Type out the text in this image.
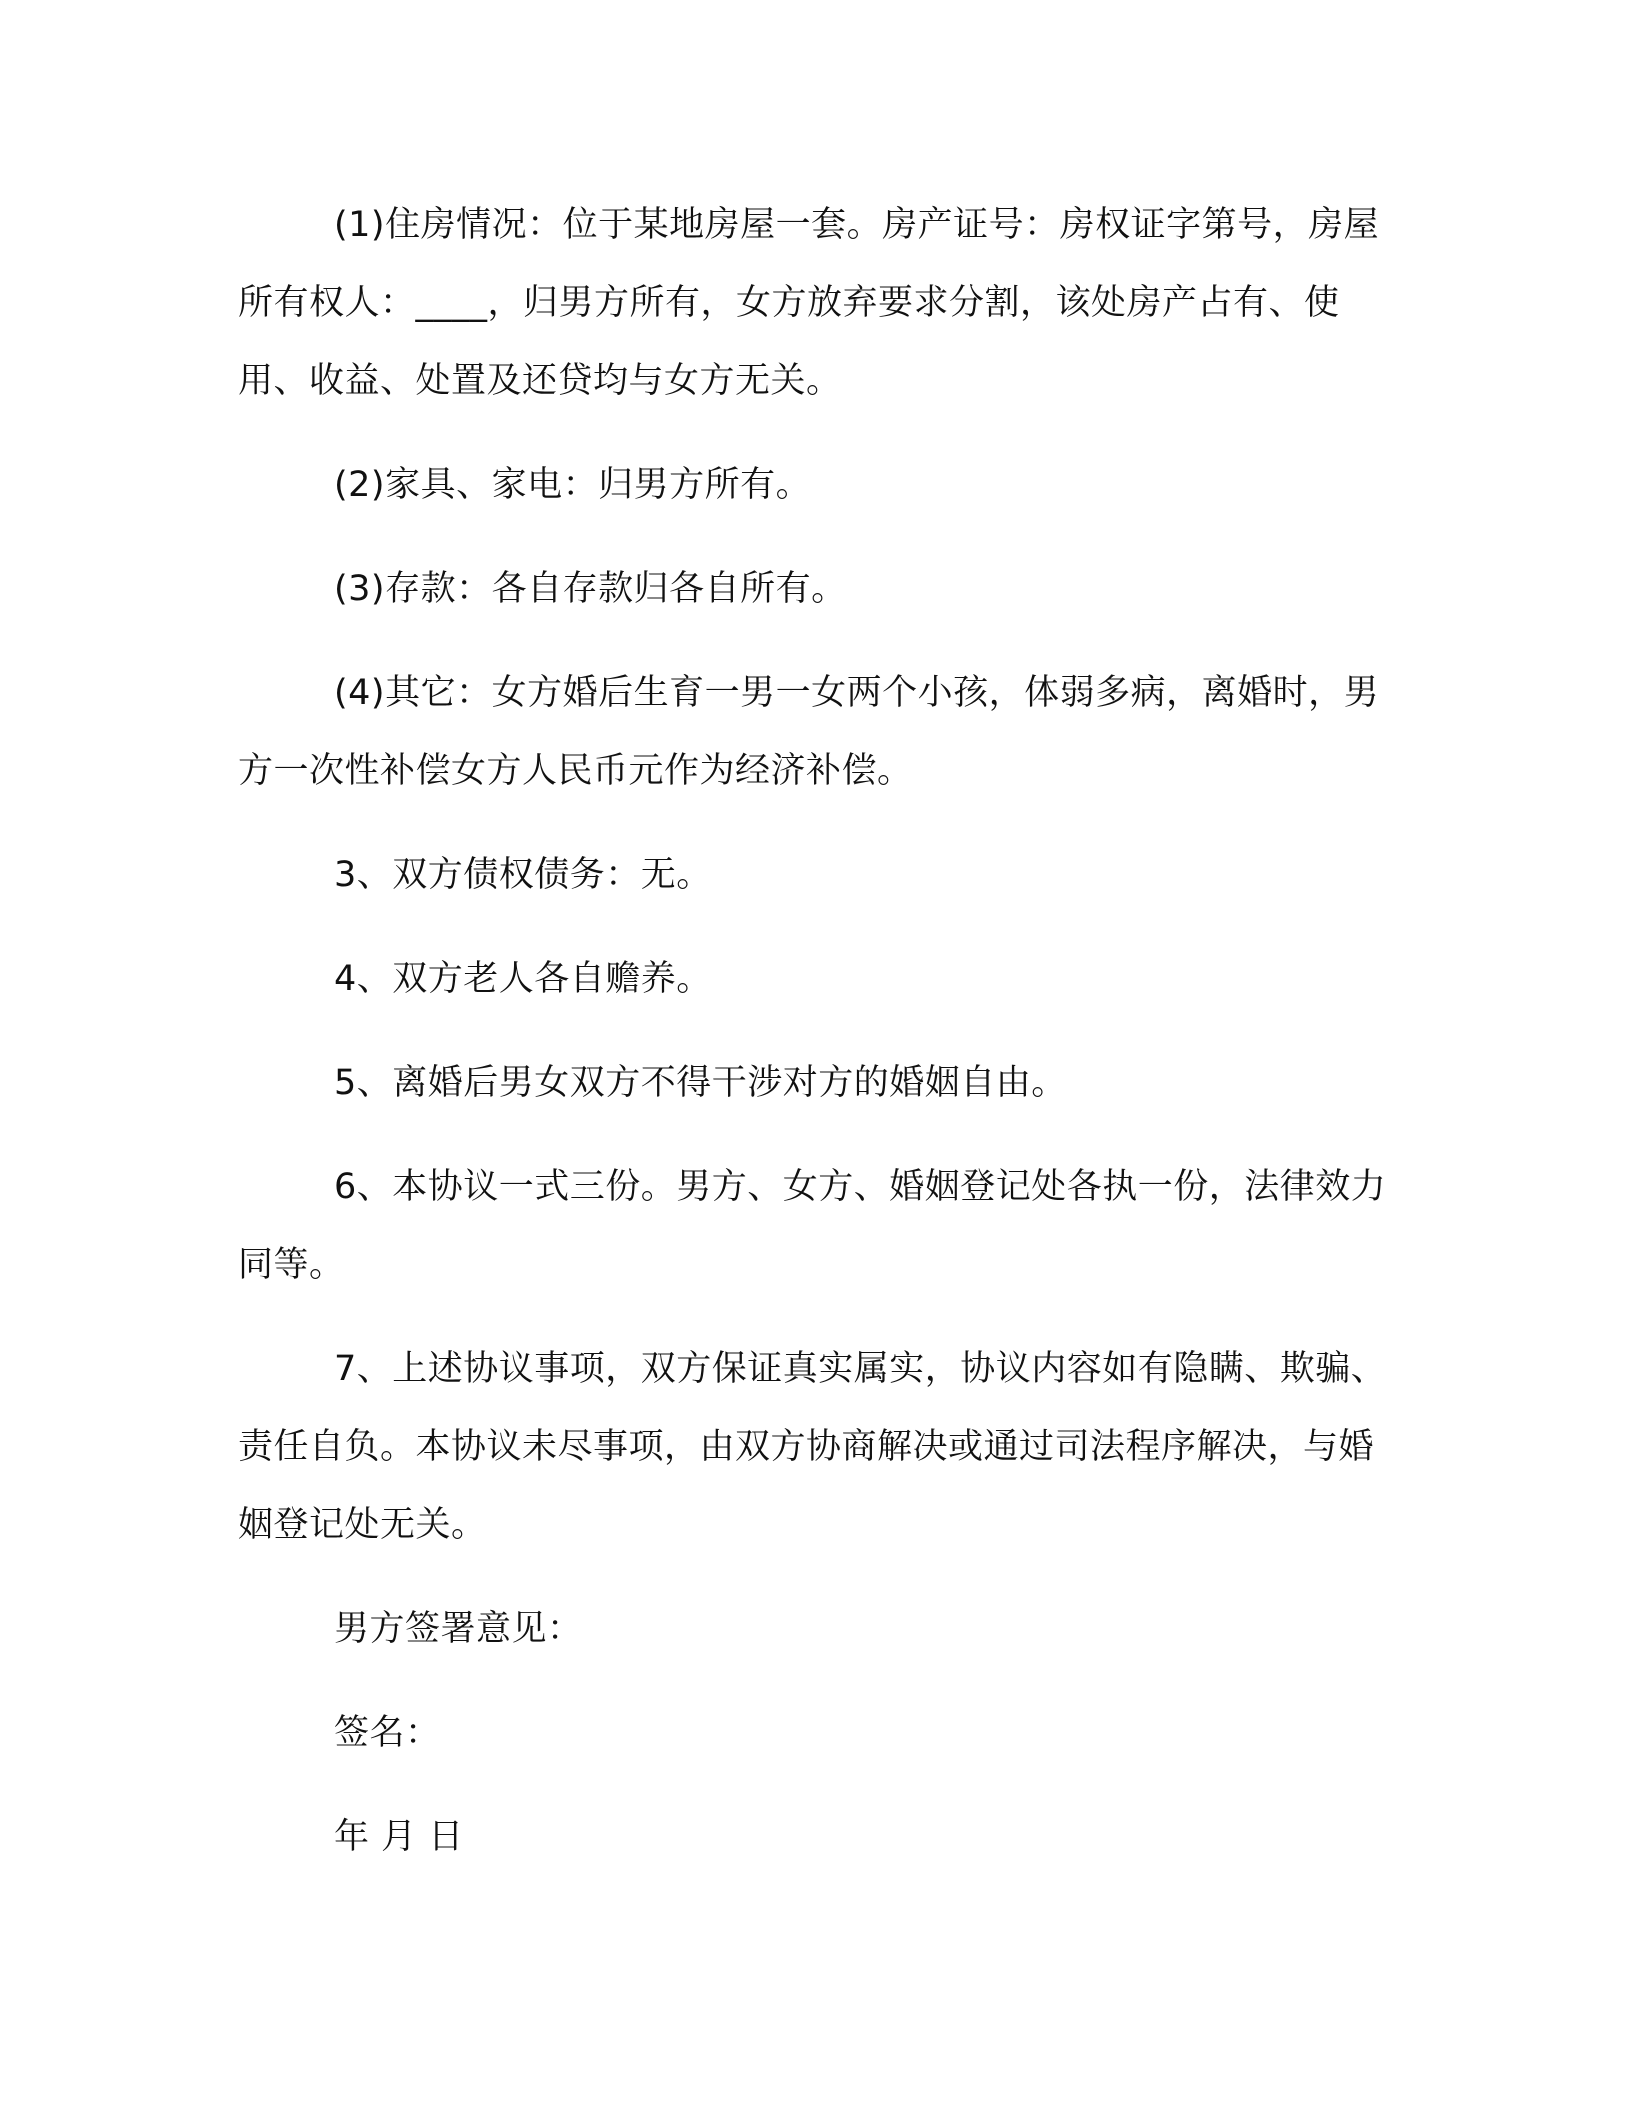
(1)住房情况：位于某地房屋一套。房产证号：房权证字第号，房屋所有权人：____，归男方所有，女方放弃要求分割，该处房产占有、使用、收益、处置及还贷均与女方无关。

(2)家具、家电：归男方所有。

(3)存款：各自存款归各自所有。

(4)其它：女方婚后生育一男一女两个小孩，体弱多病，离婚时，男方一次性补偿女方人民币元作为经济补偿。

3、双方债权债务：无。

4、双方老人各自赡养。

5、离婚后男女双方不得干涉对方的婚姻自由。

6、本协议一式三份。男方、女方、婚姻登记处各执一份，法律效力同等。

7、上述协议事项，双方保证真实属实，协议内容如有隐瞒、欺骗、责任自负。本协议未尽事项，由双方协商解决或通过司法程序解决，与婚姻登记处无关。

男方签署意见：

签名：

年 月 日
